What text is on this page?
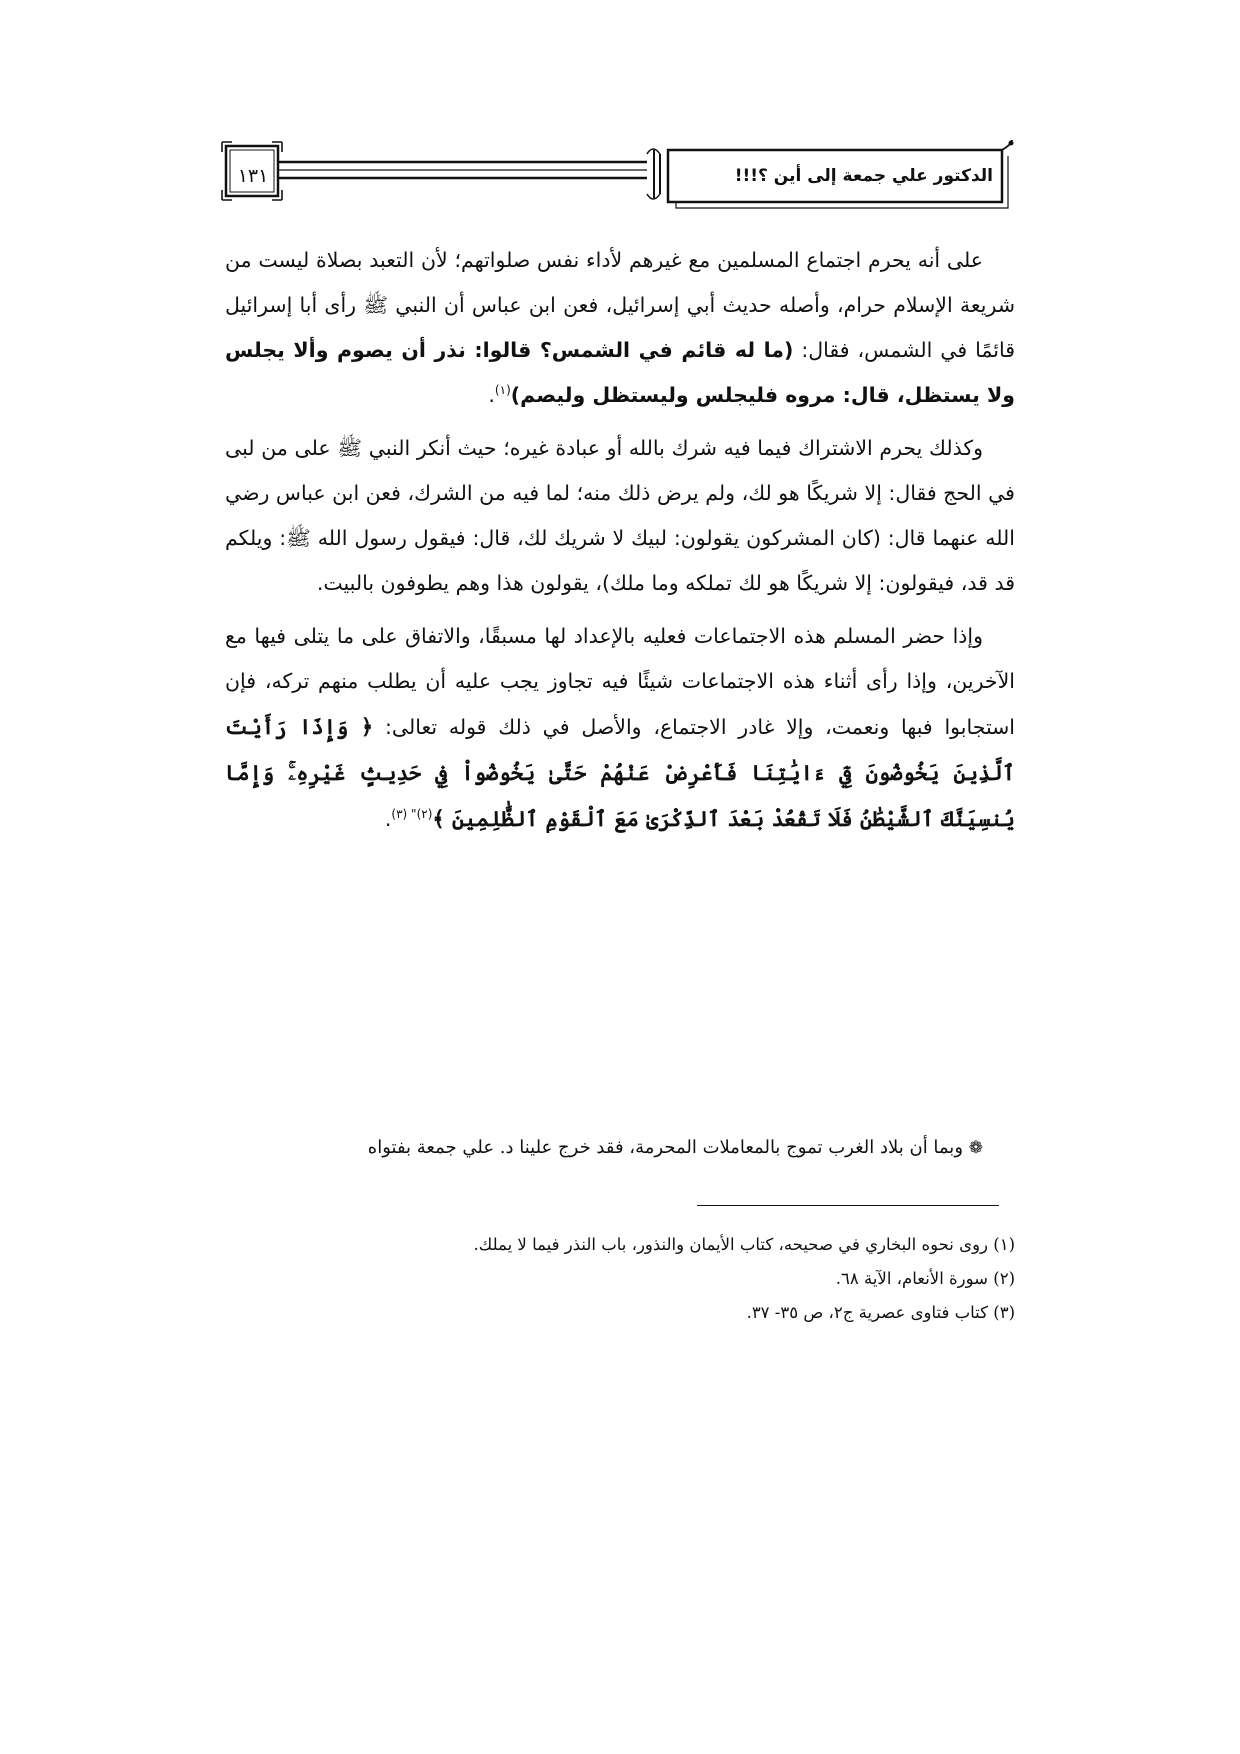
١٣١	الدكتور علي جمعة إلى أين ؟!!!

على أنه يحرم اجتماع المسلمين مع غيرهم لأداء نفس صلواتهم؛ لأن التعبد بصلاة ليست من شريعة الإسلام حرام، وأصله حديث أبي إسرائيل، فعن ابن عباس أن النبي ﷺ رأى أبا إسرائيل قائمًا في الشمس، فقال: (ما له قائم في الشمس؟ قالوا: نذر أن يصوم وألا يجلس ولا يستظل، قال: مروه فليجلس وليستظل وليصم)$^{(١)}$.

وكذلك يحرم الاشتراك فيما فيه شرك بالله أو عبادة غيره؛ حيث أنكر النبي ﷺ على من لبى في الحج فقال: إلا شريكًا هو لك، ولم يرض ذلك منه؛ لما فيه من الشرك، فعن ابن عباس رضي الله عنهما قال: (كان المشركون يقولون: لبيك لا شريك لك، قال: فيقول رسول الله ﷺ: ويلكم قد قد، فيقولون: إلا شريكًا هو لك تملكه وما ملك)، يقولون هذا وهم يطوفون بالبيت.

وإذا حضر المسلم هذه الاجتماعات فعليه بالإعداد لها مسبقًا، والاتفاق على ما يتلى فيها مع الآخرين، وإذا رأى أثناء هذه الاجتماعات شيئًا فيه تجاوز يجب عليه أن يطلب منهم تركه، فإن استجابوا فبها ونعمت، وإلا غادر الاجتماع، والأصل في ذلك قوله تعالى: ﴿ وَإِذَا رَأَيْتَ ٱلَّذِينَ يَخُوضُونَ فِيٓ ءَايَٰتِنَا فَأَعْرِضْ عَنْهُمْ حَتَّىٰ يَخُوضُواْ فِي حَدِيثٍ غَيْرِهِۦۚ وَإِمَّا يُنسِيَنَّكَ ٱلشَّيْطَٰنُ فَلَا تَقْعُدْ بَعْدَ ٱلذِّكْرَىٰ مَعَ ٱلْقَوْمِ ٱلظَّٰلِمِينَ ﴾$^{(٢)" (٣)}$.

❁ وبما أن بلاد الغرب تموج بالمعاملات المحرمة، فقد خرج علينا د. علي جمعة بفتواه
(١) روى نحوه البخاري في صحيحه، كتاب الأيمان والنذور، باب النذر فيما لا يملك.
(٢) سورة الأنعام، الآية ٦٨.
(٣) كتاب فتاوى عصرية ج٢، ص ٣٥- ٣٧.
